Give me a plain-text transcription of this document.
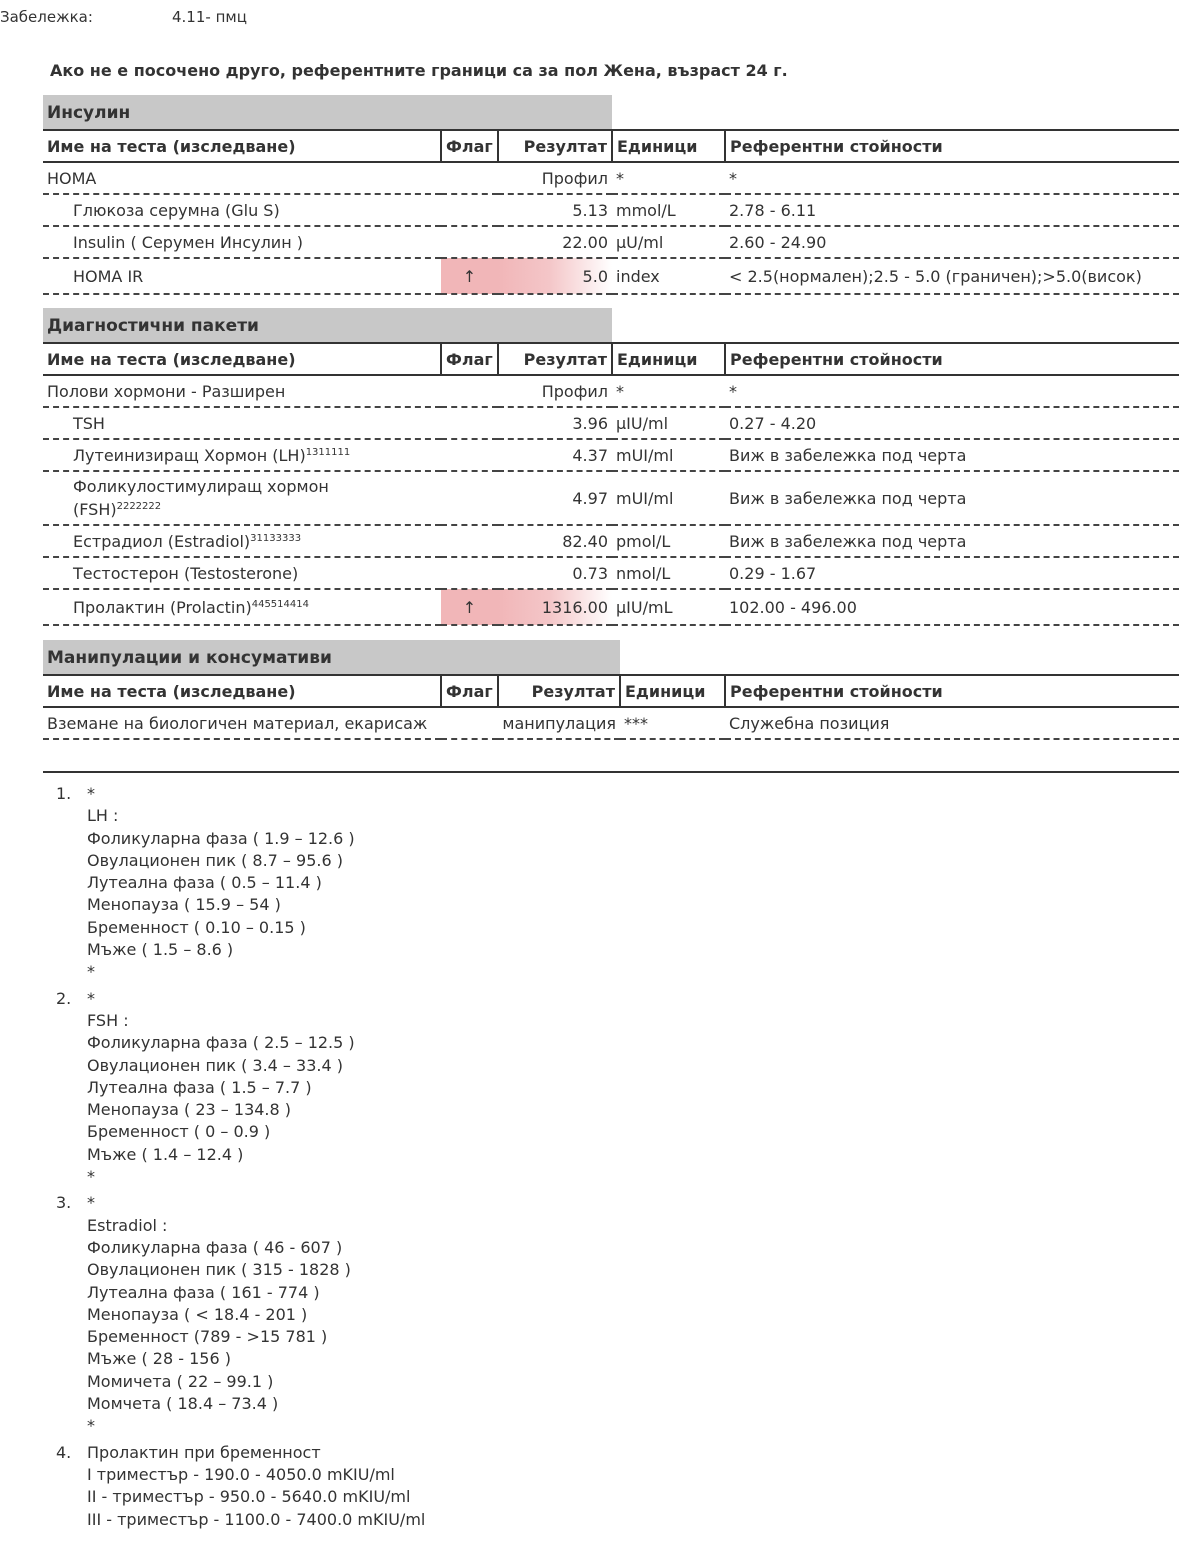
Забележка:	4.11- пмц
Ако не е посочено друго, референтните граници са за пол Жена, възраст 24 г.
Инсулин
Име на теста (изследване)	Флаг	Резултат	Единици	Референтни стойности
HOMA		Профил	*	*
Глюкоза серумна (Glu S)		5.13	mmol/L	2.78 - 6.11
Insulin ( Серумен Инсулин )		22.00	µU/ml	2.60 - 24.90
HOMA IR	↑	5.0	index	< 2.5(нормален);2.5 - 5.0 (граничен);>5.0(висок)
Диагностични пакети
Име на теста (изследване)	Флаг	Резултат	Единици	Референтни стойности
Полови хормони - Разширен		Профил	*	*
TSH		3.96	µIU/ml	0.27 - 4.20
Лутеинизиращ Хормон (LH)$^{1311111}$		4.37	mUI/ml	Виж в забележка под черта
Фоликулостимулиращ хормон
(FSH)$^{2222222}$		4.97	mUI/ml	Виж в забележка под черта
Естрадиол (Estradiol)$^{31133333}$		82.40	pmol/L	Виж в забележка под черта
Тестостерон (Testosterone)		0.73	nmol/L	0.29 - 1.67
Пролактин (Prolactin)$^{445514414}$	↑	1316.00	µIU/mL	102.00 - 496.00
Манипулации и консумативи
Име на теста (изследване)	Флаг	Резултат	Единици	Референтни стойности
Вземане на биологичен материал, екарисаж		манипулация	***	Служебна позиция
1. *
LH :
Фоликуларна фаза ( 1.9 – 12.6 )
Овулационен пик ( 8.7 – 95.6 )
Лутеална фаза ( 0.5 – 11.4 )
Менопауза ( 15.9 – 54 )
Бременност ( 0.10 – 0.15 )
Мъже ( 1.5 – 8.6 )
*
2. *
FSH :
Фоликуларна фаза ( 2.5 – 12.5 )
Овулационен пик ( 3.4 – 33.4 )
Лутеална фаза ( 1.5 – 7.7 )
Менопауза ( 23 – 134.8 )
Бременност ( 0 – 0.9 )
Мъже ( 1.4 – 12.4 )
*
3. *
Estradiol :
Фоликуларна фаза ( 46 - 607 )
Овулационен пик ( 315 - 1828 )
Лутеална фаза ( 161 - 774 )
Менопауза ( < 18.4 - 201 )
Бременност (789 - >15 781 )
Мъже ( 28 - 156 )
Момичета ( 22 – 99.1 )
Момчета ( 18.4 – 73.4 )
*
4. Пролактин при бременност
I триместър - 190.0 - 4050.0 mKIU/ml
II - триместър - 950.0 - 5640.0 mKIU/ml
III - триместър - 1100.0 - 7400.0 mKIU/ml
